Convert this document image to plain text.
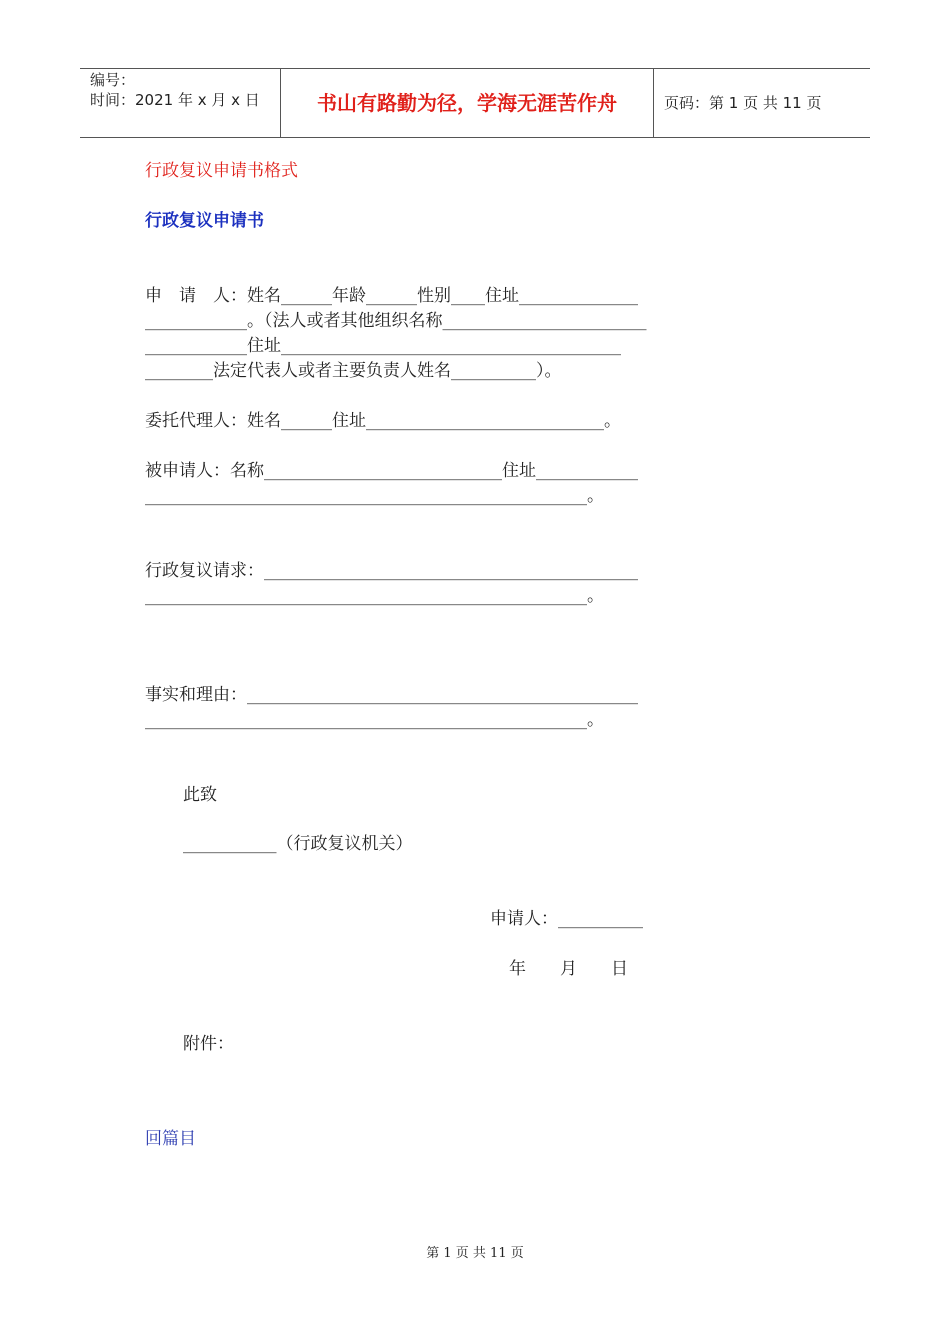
编号：
时间：2021 年 x 月 x 日	书山有路勤为径，学海无涯苦作舟	页码：第 1 页 共 11 页
行政复议申请书格式
行政复议申请书
申　请　人：姓名______年龄______性别____住址______________
____________。（法人或者其他组织名称________________________
____________住址________________________________________
________法定代表人或者主要负责人姓名__________）。
委托代理人：姓名______住址____________________________。
被申请人：名称____________________________住址____________
____________________________________________________。
行政复议请求：____________________________________________
____________________________________________________。
事实和理由：______________________________________________
____________________________________________________。
此致
___________（行政复议机关）
申请人：__________
年　　月　　日
附件：
回篇目
第 1 页 共 11 页
